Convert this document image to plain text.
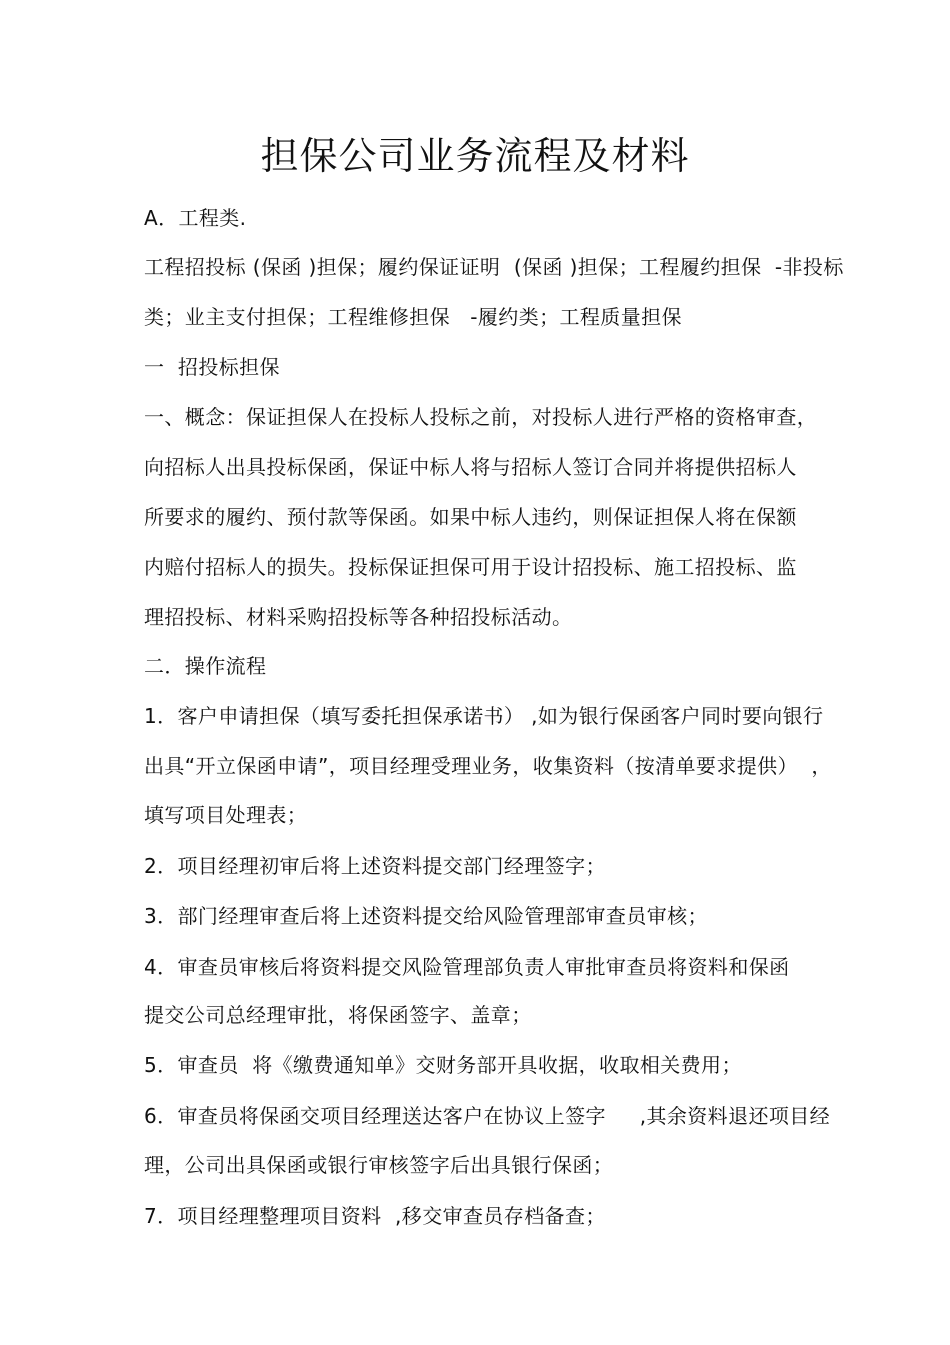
担保公司业务流程及材料
A．工程类.
工程招投标 (保函 )担保；履约保证证明  (保函 )担保；工程履约担保  -非投标
类；业主支付担保；工程维修担保   -履约类；工程质量担保
一  招投标担保
一、概念：保证担保人在投标人投标之前，对投标人进行严格的资格审查，
向招标人出具投标保函，保证中标人将与招标人签订合同并将提供招标人
所要求的履约、预付款等保函。如果中标人违约，则保证担保人将在保额
内赔付招标人的损失。投标保证担保可用于设计招投标、施工招投标、监
理招投标、材料采购招投标等各种招投标活动。
二．操作流程
1．客户申请担保（填写委托担保承诺书） ,如为银行保函客户同时要向银行
出具“开立保函申请”，项目经理受理业务，收集资料（按清单要求提供）  ，
填写项目处理表；
2．项目经理初审后将上述资料提交部门经理签字；
3．部门经理审查后将上述资料提交给风险管理部审查员审核；
4．审查员审核后将资料提交风险管理部负责人审批审查员将资料和保函
提交公司总经理审批，将保函签字、盖章；
5．审查员  将《缴费通知单》交财务部开具收据，收取相关费用；
6．审查员将保函交项目经理送达客户在协议上签字     ,其余资料退还项目经
理，公司出具保函或银行审核签字后出具银行保函；
7．项目经理整理项目资料  ,移交审查员存档备查；
